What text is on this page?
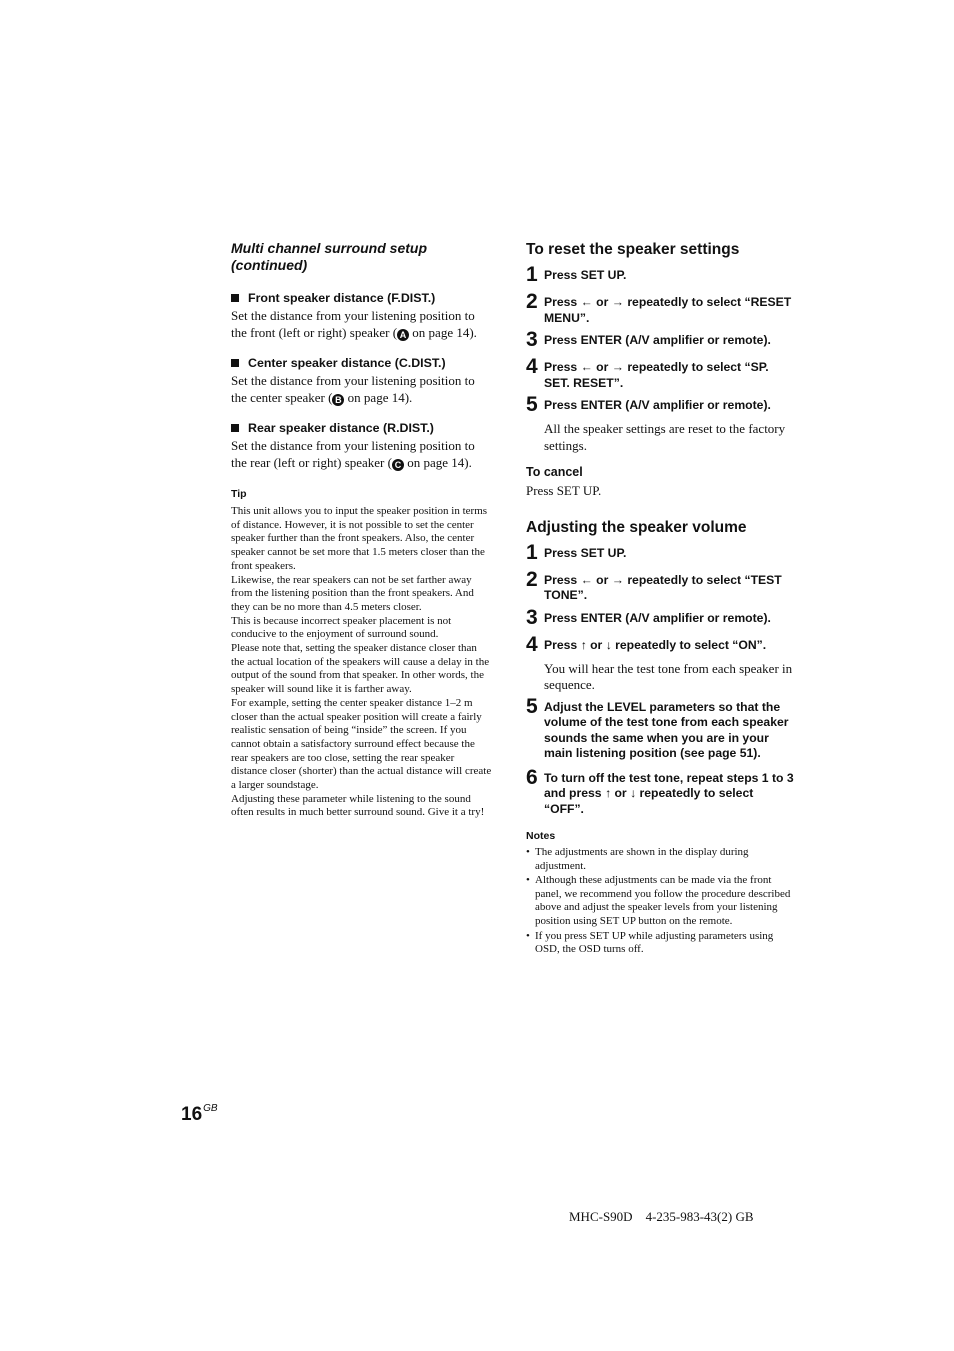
Multi channel surround setup
(continued)
Front speaker distance (F.DIST.)
Set the distance from your listening position to the front (left or right) speaker ( A on page 14).
Center speaker distance (C.DIST.)
Set the distance from your listening position to the center speaker ( B on page 14).
Rear speaker distance (R.DIST.)
Set the distance from your listening position to the rear (left or right) speaker ( C on page 14).
Tip

This unit allows you to input the speaker position in terms of distance. However, it is not possible to set the center speaker further than the front speakers. Also, the center speaker cannot be set more that 1.5 meters closer than the front speakers.

Likewise, the rear speakers can not be set farther away from the listening position than the front speakers. And they can be no more than 4.5 meters closer.

This is because incorrect speaker placement is not conducive to the enjoyment of surround sound.

Please note that, setting the speaker distance closer than the actual location of the speakers will cause a delay in the output of the sound from that speaker. In other words, the speaker will sound like it is farther away.

For example, setting the center speaker distance 1–2 m closer than the actual speaker position will create a fairly realistic sensation of being “inside” the screen. If you cannot obtain a satisfactory surround effect because the rear speakers are too close, setting the rear speaker distance closer (shorter) than the actual distance will create a larger soundstage.

Adjusting these parameter while listening to the sound often results in much better surround sound. Give it a try!

To reset the speaker settings
1 Press SET UP.
2 Press ← or → repeatedly to select “RESET MENU”.
3 Press ENTER (A/V amplifier or remote).
4 Press ← or → repeatedly to select “SP. SET. RESET”.
5 Press ENTER (A/V amplifier or remote).
All the speaker settings are reset to the factory settings.
To cancel
Press SET UP.
Adjusting the speaker volume
1 Press SET UP.
2 Press ← or → repeatedly to select “TEST TONE”.
3 Press ENTER (A/V amplifier or remote).
4 Press ↑ or ↓ repeatedly to select “ON”.
You will hear the test tone from each speaker in sequence.
5 Adjust the LEVEL parameters so that the volume of the test tone from each speaker sounds the same when you are in your main listening position (see page 51).
6 To turn off the test tone, repeat steps 1 to 3 and press ↑ or ↓ repeatedly to select “OFF”.
Notes
• The adjustments are shown in the display during adjustment.
• Although these adjustments can be made via the front panel, we recommend you follow the procedure described above and adjust the speaker levels from your listening position using SET UP button on the remote.
• If you press SET UP while adjusting parameters using OSD, the OSD turns off.
$16^{GB}$
MHC-S90D    4-235-983-43(2) GB
